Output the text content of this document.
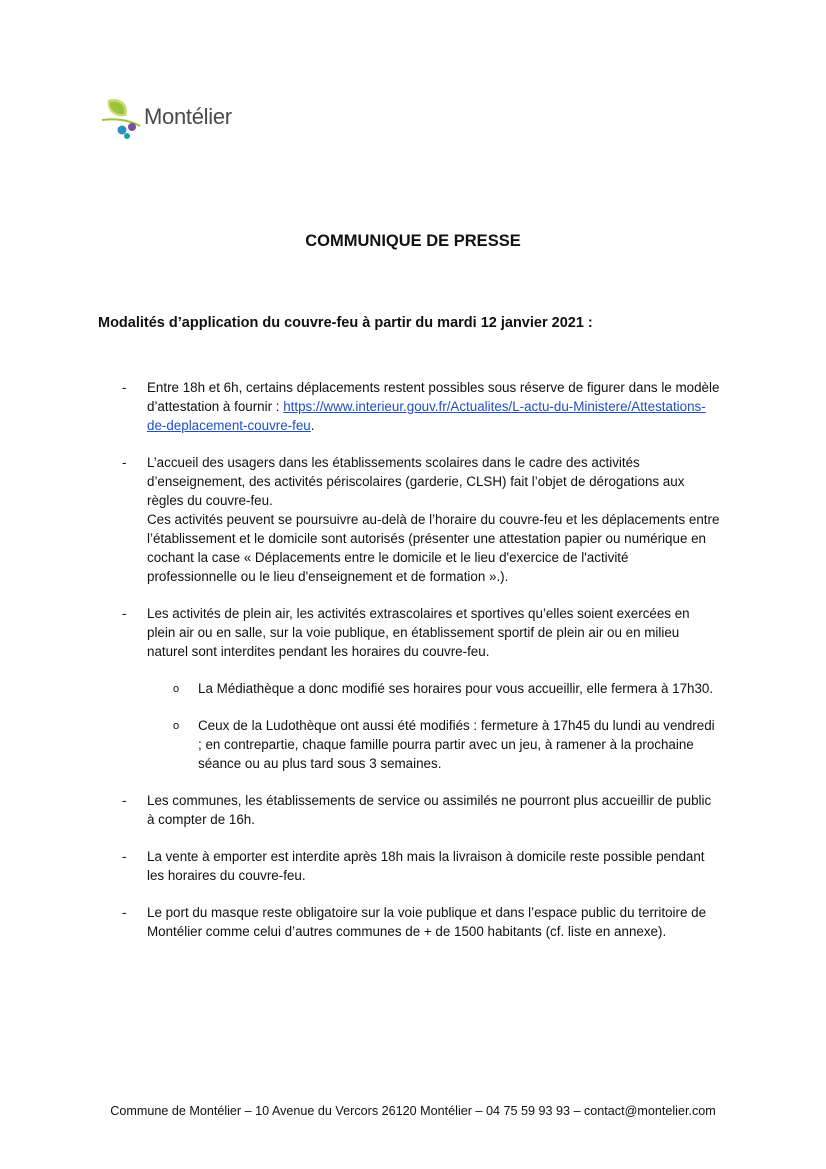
Montélier
COMMUNIQUE DE PRESSE
Modalités d’application du couvre-feu à partir du mardi 12 janvier 2021 :
- Entre 18h et 6h, certains déplacements restent possibles sous réserve de figurer dans le modèle d’attestation à fournir : https://www.interieur.gouv.fr/Actualites/L-actu-du-Ministere/Attestations-de-deplacement-couvre-feu.
- L’accueil des usagers dans les établissements scolaires dans le cadre des activités d’enseignement, des activités périscolaires (garderie, CLSH) fait l’objet de dérogations aux règles du couvre-feu.
Ces activités peuvent se poursuivre au-delà de l’horaire du couvre-feu et les déplacements entre l’établissement et le domicile sont autorisés (présenter une attestation papier ou numérique en cochant la case « Déplacements entre le domicile et le lieu d'exercice de l'activité professionnelle ou le lieu d'enseignement et de formation ».).
- Les activités de plein air, les activités extrascolaires et sportives qu’elles soient exercées en plein air ou en salle, sur la voie publique, en établissement sportif de plein air ou en milieu naturel sont interdites pendant les horaires du couvre-feu.
o La Médiathèque a donc modifié ses horaires pour vous accueillir, elle fermera à 17h30.
o Ceux de la Ludothèque ont aussi été modifiés : fermeture à 17h45 du lundi au vendredi ; en contrepartie, chaque famille pourra partir avec un jeu, à ramener à la prochaine séance ou au plus tard sous 3 semaines.
- Les communes, les établissements de service ou assimilés ne pourront plus accueillir de public à compter de 16h.
- La vente à emporter est interdite après 18h mais la livraison à domicile reste possible pendant les horaires du couvre-feu.
- Le port du masque reste obligatoire sur la voie publique et dans l’espace public du territoire de Montélier comme celui d’autres communes de + de 1500 habitants (cf. liste en annexe).
Commune de Montélier – 10 Avenue du Vercors 26120 Montélier – 04 75 59 93 93 – contact@montelier.com
